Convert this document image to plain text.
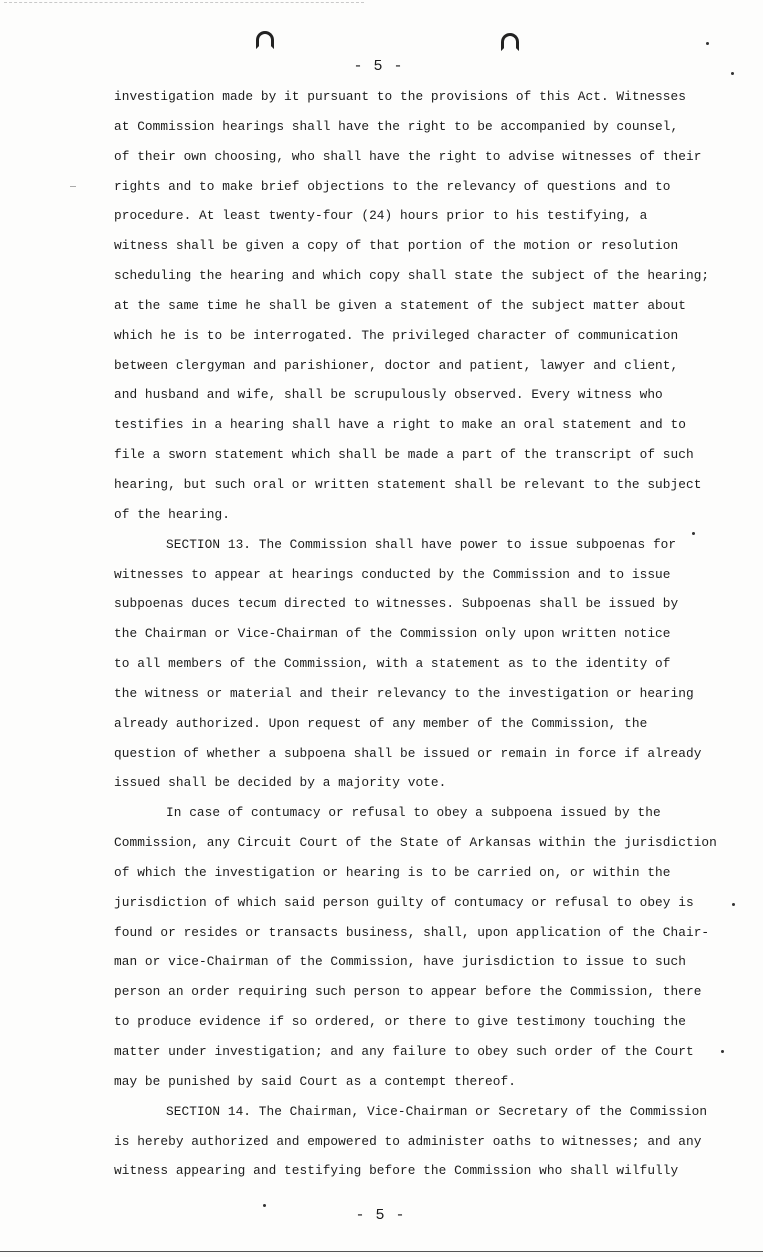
- 5 -
investigation made by it pursuant to the provisions of this Act. Witnesses
at Commission hearings shall have the right to be accompanied by counsel,
of their own choosing, who shall have the right to advise witnesses of their
rights and to make brief objections to the relevancy of questions and to
procedure. At least twenty-four (24) hours prior to his testifying, a
witness shall be given a copy of that portion of the motion or resolution
scheduling the hearing and which copy shall state the subject of the hearing;
at the same time he shall be given a statement of the subject matter about
which he is to be interrogated. The privileged character of communication
between clergyman and parishioner, doctor and patient, lawyer and client,
and husband and wife, shall be scrupulously observed. Every witness who
testifies in a hearing shall have a right to make an oral statement and to
file a sworn statement which shall be made a part of the transcript of such
hearing, but such oral or written statement shall be relevant to the subject
of the hearing.
SECTION 13. The Commission shall have power to issue subpoenas for
witnesses to appear at hearings conducted by the Commission and to issue
subpoenas duces tecum directed to witnesses. Subpoenas shall be issued by
the Chairman or Vice-Chairman of the Commission only upon written notice
to all members of the Commission, with a statement as to the identity of
the witness or material and their relevancy to the investigation or hearing
already authorized. Upon request of any member of the Commission, the
question of whether a subpoena shall be issued or remain in force if already
issued shall be decided by a majority vote.
In case of contumacy or refusal to obey a subpoena issued by the
Commission, any Circuit Court of the State of Arkansas within the jurisdiction
of which the investigation or hearing is to be carried on, or within the
jurisdiction of which said person guilty of contumacy or refusal to obey is
found or resides or transacts business, shall, upon application of the Chair-
man or vice-Chairman of the Commission, have jurisdiction to issue to such
person an order requiring such person to appear before the Commission, there
to produce evidence if so ordered, or there to give testimony touching the
matter under investigation; and any failure to obey such order of the Court
may be punished by said Court as a contempt thereof.
SECTION 14. The Chairman, Vice-Chairman or Secretary of the Commission
is hereby authorized and empowered to administer oaths to witnesses; and any
witness appearing and testifying before the Commission who shall wilfully
- 5 -
